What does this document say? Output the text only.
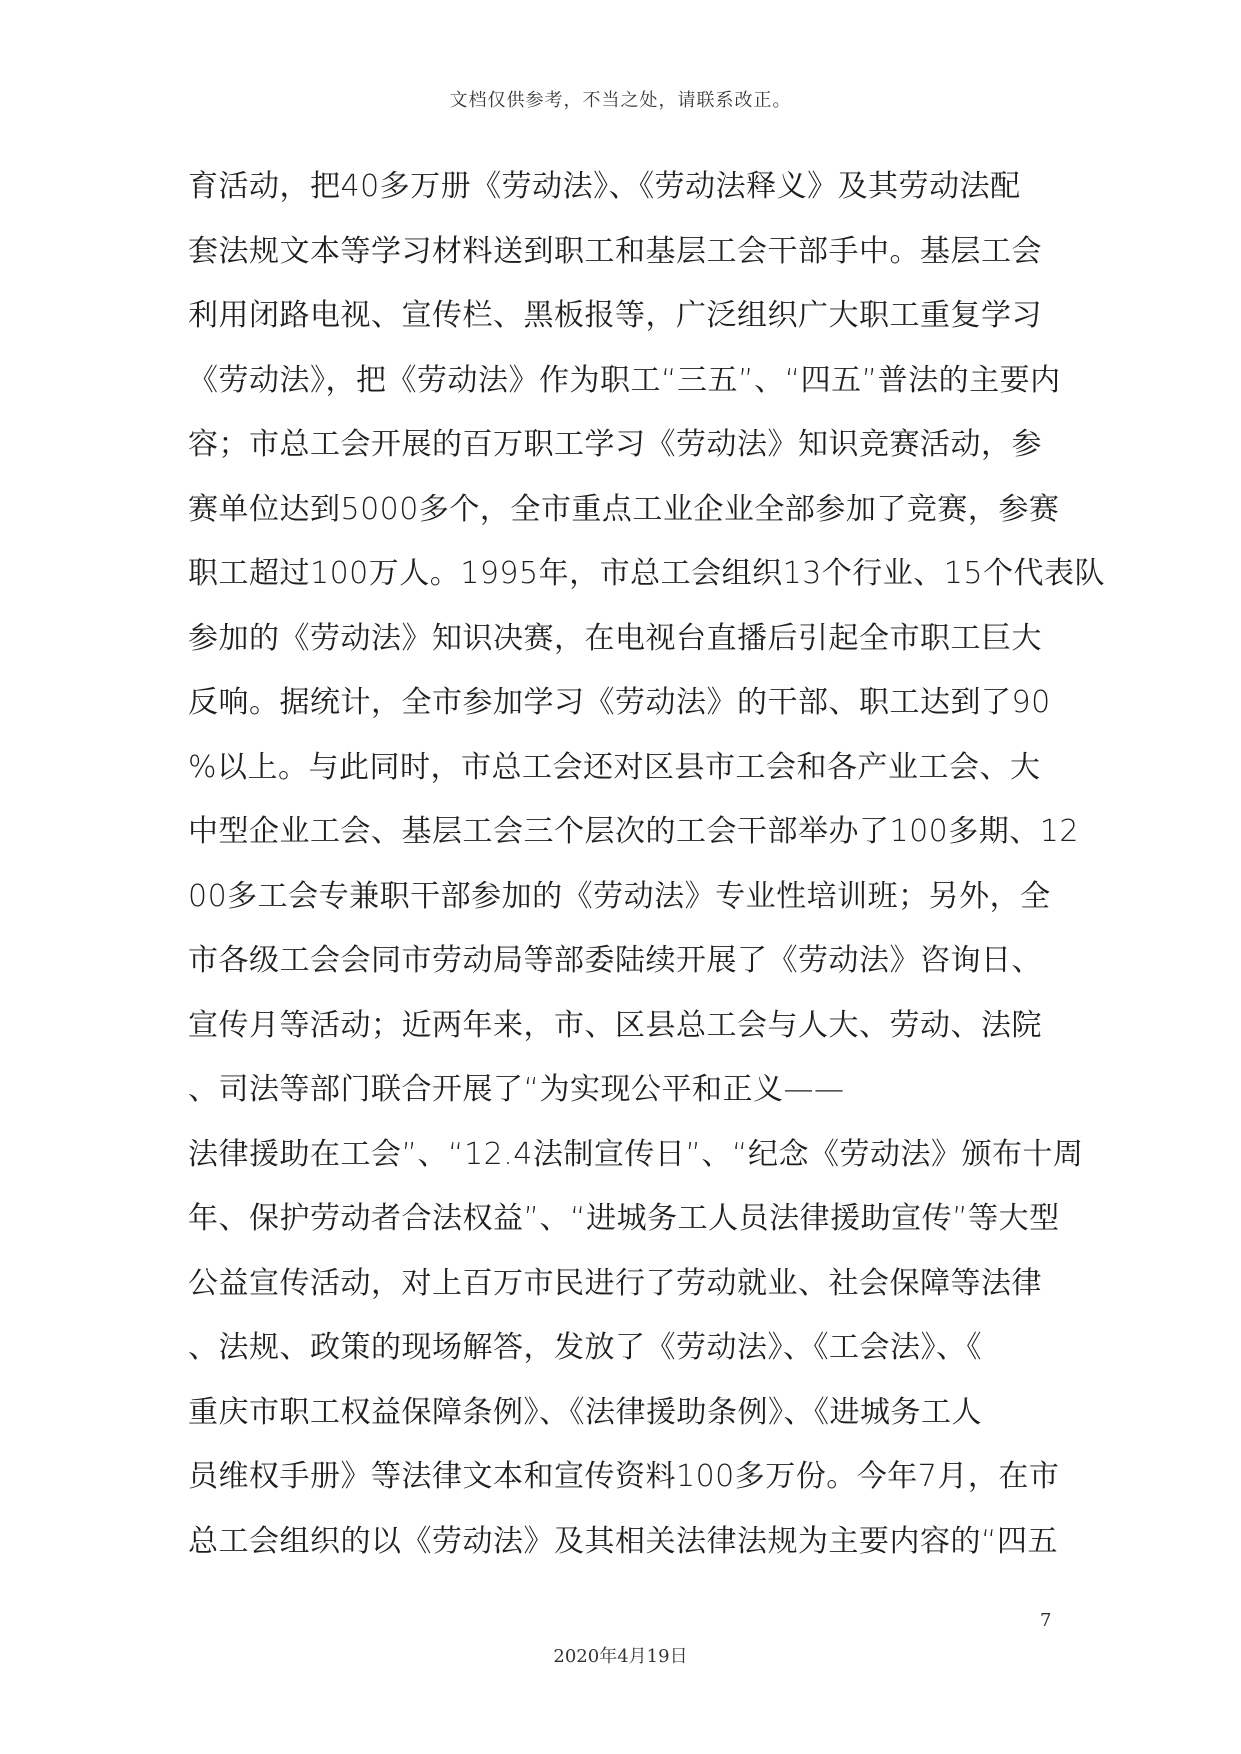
文档仅供参考，不当之处，请联系改正。
育活动，把40多万册《劳动法》、《劳动法释义》及其劳动法配
套法规文本等学习材料送到职工和基层工会干部手中。基层工会
利用闭路电视、宣传栏、黑板报等，广泛组织广大职工重复学习
《劳动法》，把《劳动法》作为职工“三五”、“四五”普法的主要内
容；市总工会开展的百万职工学习《劳动法》知识竞赛活动，参
赛单位达到5000多个，全市重点工业企业全部参加了竞赛，参赛
职工超过100万人。1995年，市总工会组织13个行业、15个代表队
参加的《劳动法》知识决赛，在电视台直播后引起全市职工巨大
反响。据统计，全市参加学习《劳动法》的干部、职工达到了90
%以上。与此同时，市总工会还对区县市工会和各产业工会、大
中型企业工会、基层工会三个层次的工会干部举办了100多期、12
00多工会专兼职干部参加的《劳动法》专业性培训班；另外，全
市各级工会会同市劳动局等部委陆续开展了《劳动法》咨询日、
宣传月等活动；近两年来，市、区县总工会与人大、劳动、法院
、司法等部门联合开展了“为实现公平和正义——
法律援助在工会”、“12.4法制宣传日”、“纪念《劳动法》颁布十周
年、保护劳动者合法权益”、“进城务工人员法律援助宣传”等大型
公益宣传活动，对上百万市民进行了劳动就业、社会保障等法律
、法规、政策的现场解答，发放了《劳动法》、《工会法》、《
重庆市职工权益保障条例》、《法律援助条例》、《进城务工人
员维权手册》等法律文本和宣传资料100多万份。今年7月，在市
总工会组织的以《劳动法》及其相关法律法规为主要内容的“四五
7
2020年4月19日
